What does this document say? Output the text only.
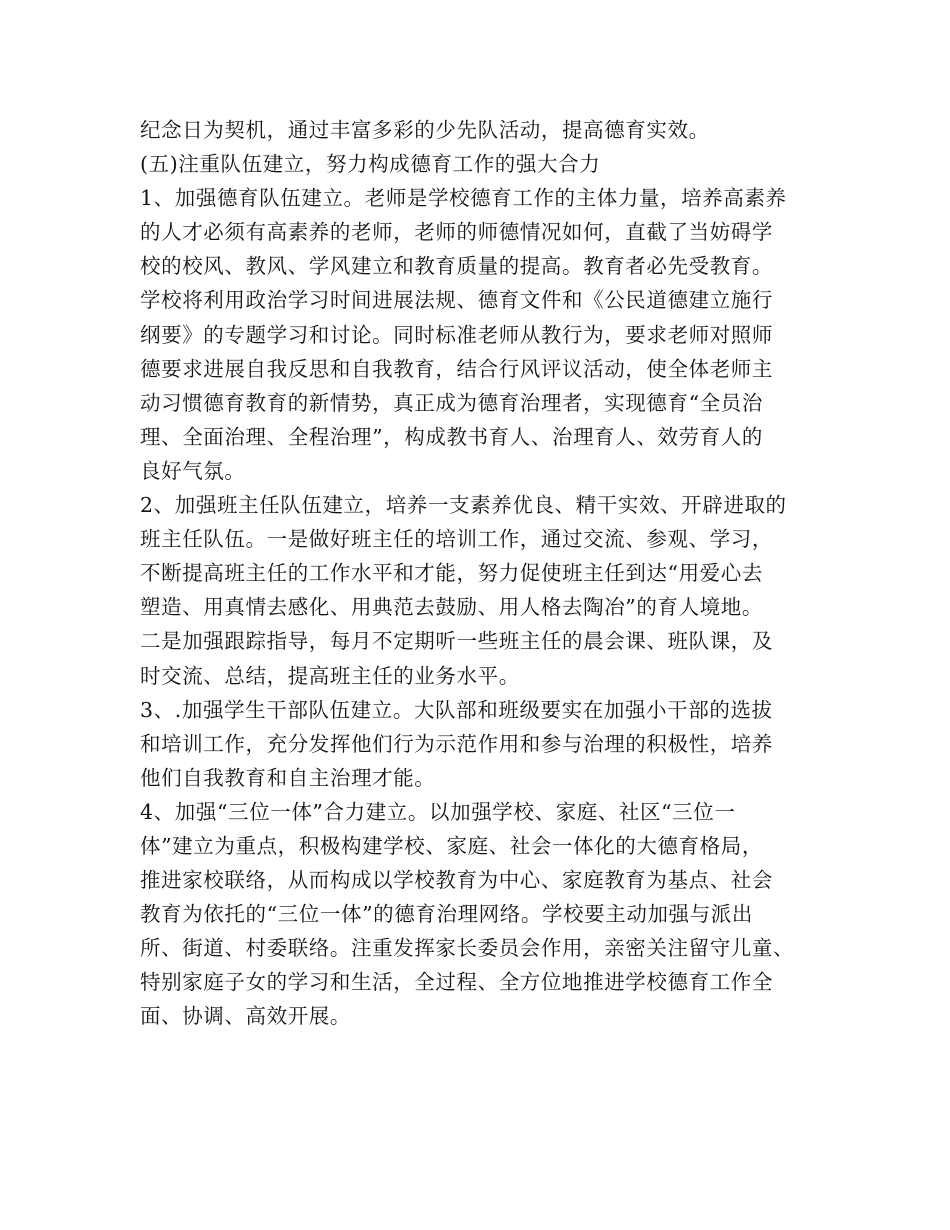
纪念日为契机，通过丰富多彩的少先队活动，提高德育实效。
(五)注重队伍建立，努力构成德育工作的强大合力
1、加强德育队伍建立。老师是学校德育工作的主体力量，培养高素养
的人才必须有高素养的老师，老师的师德情况如何，直截了当妨碍学
校的校风、教风、学风建立和教育质量的提高。教育者必先受教育。
学校将利用政治学习时间进展法规、德育文件和《公民道德建立施行
纲要》的专题学习和讨论。同时标准老师从教行为，要求老师对照师
德要求进展自我反思和自我教育，结合行风评议活动，使全体老师主
动习惯德育教育的新情势，真正成为德育治理者，实现德育“全员治
理、全面治理、全程治理”，构成教书育人、治理育人、效劳育人的
良好气氛。
2、加强班主任队伍建立，培养一支素养优良、精干实效、开辟进取的
班主任队伍。一是做好班主任的培训工作，通过交流、参观、学习，
不断提高班主任的工作水平和才能，努力促使班主任到达“用爱心去
塑造、用真情去感化、用典范去鼓励、用人格去陶冶”的育人境地。
二是加强跟踪指导，每月不定期听一些班主任的晨会课、班队课，及
时交流、总结，提高班主任的业务水平。
3、.加强学生干部队伍建立。大队部和班级要实在加强小干部的选拔
和培训工作，充分发挥他们行为示范作用和参与治理的积极性，培养
他们自我教育和自主治理才能。
4、加强“三位一体”合力建立。以加强学校、家庭、社区“三位一
体”建立为重点，积极构建学校、家庭、社会一体化的大德育格局，
推进家校联络，从而构成以学校教育为中心、家庭教育为基点、社会
教育为依托的“三位一体”的德育治理网络。学校要主动加强与派出
所、街道、村委联络。注重发挥家长委员会作用，亲密关注留守儿童、
特别家庭子女的学习和生活，全过程、全方位地推进学校德育工作全
面、协调、高效开展。
